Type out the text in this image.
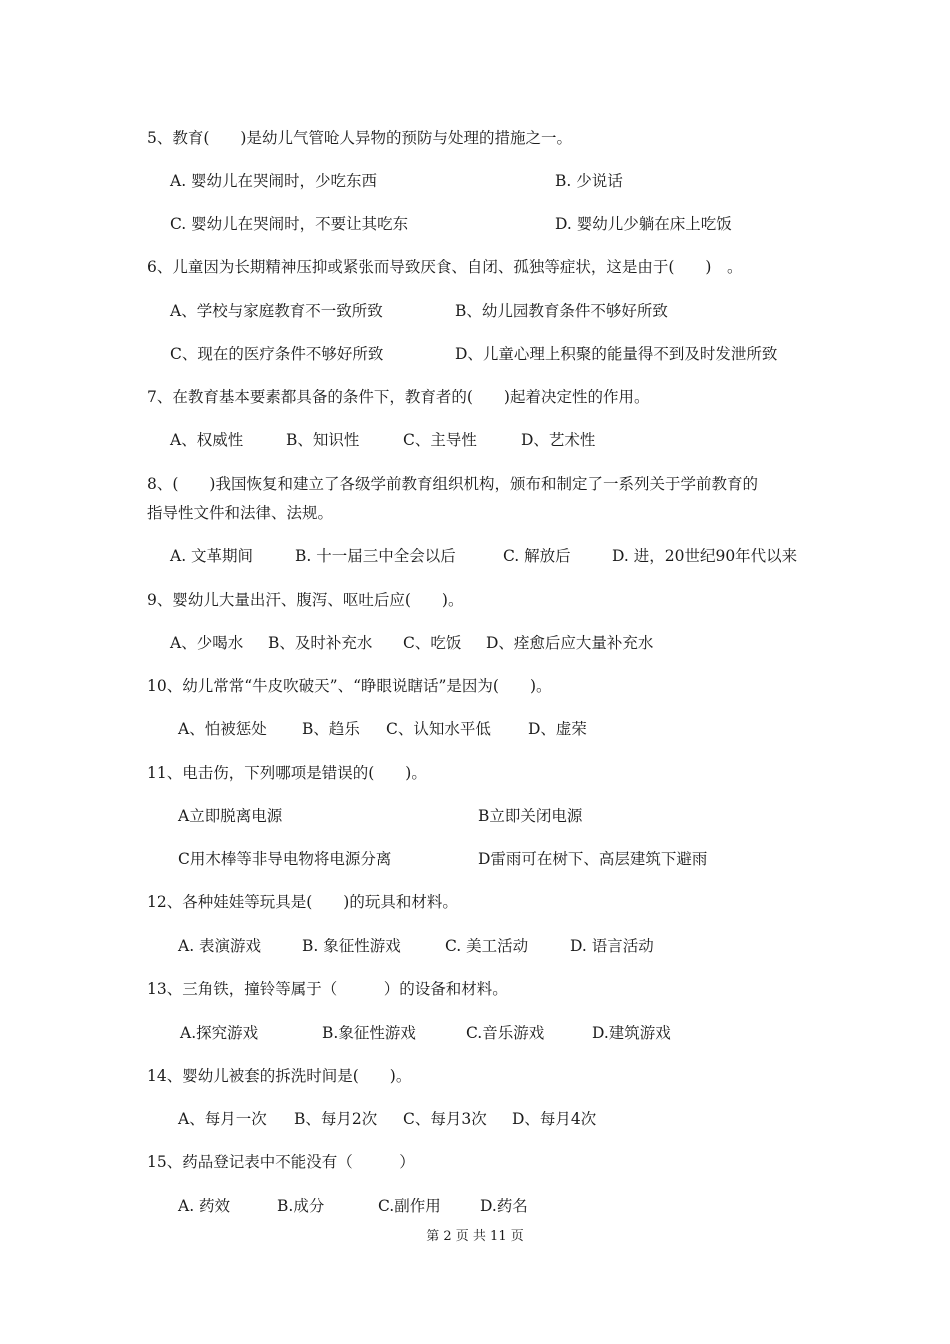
5、教育(　　)是幼儿气管呛人异物的预防与处理的措施之一。
A. 婴幼儿在哭闹时，少吃东西	B. 少说话
C. 婴幼儿在哭闹时，不要让其吃东	D. 婴幼儿少躺在床上吃饭
6、儿童因为长期精神压抑或紧张而导致厌食、自闭、孤独等症状，这是由于(　　)　。
A、学校与家庭教育不一致所致	B、幼儿园教育条件不够好所致
C、现在的医疗条件不够好所致	D、儿童心理上积聚的能量得不到及时发泄所致
7、在教育基本要素都具备的条件下，教育者的(　　)起着决定性的作用。
A、权威性	B、知识性	C、主导性	D、艺术性
8、(　　)我国恢复和建立了各级学前教育组织机构，颁布和制定了一系列关于学前教育的
指导性文件和法律、法规。
A. 文革期间	B. 十一届三中全会以后	C. 解放后	D. 进，20世纪90年代以来
9、婴幼儿大量出汗、腹泻、呕吐后应(　　)。
A、少喝水 B、及时补充水 C、吃饭 D、痊愈后应大量补充水
10、幼儿常常“牛皮吹破天”、“睁眼说瞎话”是因为(　　)。
A、怕被惩处 B、趋乐 C、认知水平低 D、虚荣
11、电击伤，下列哪项是错误的(　　)。
A立即脱离电源	B立即关闭电源
C用木棒等非导电物将电源分离	D雷雨可在树下、高层建筑下避雨
12、各种娃娃等玩具是(　　)的玩具和材料。
A. 表演游戏	B. 象征性游戏	C. 美工活动	D. 语言活动
13、三角铁，撞铃等属于（　　　）的设备和材料。
A.探究游戏	B.象征性游戏	C.音乐游戏	D.建筑游戏
14、婴幼儿被套的拆洗时间是(　　)。
A、每月一次 B、每月2次 C、每月3次 D、每月4次
15、药品登记表中不能没有（　　　）
A. 药效	B.成分	C.副作用	D.药名
第 2 页 共 11 页
